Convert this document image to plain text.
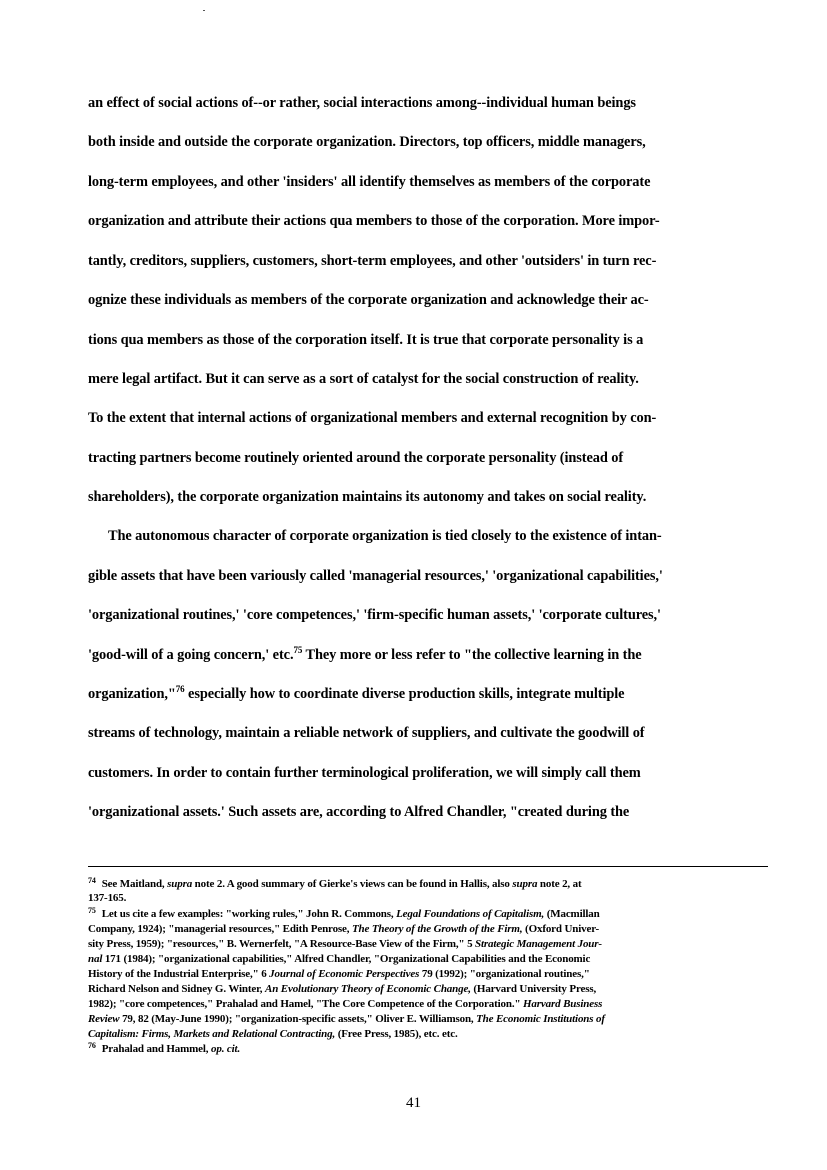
an effect of social actions of--or rather, social interactions among--individual human beings
both inside and outside the corporate organization. Directors, top officers, middle managers,
long-term employees, and other 'insiders' all identify themselves as members of the corporate
organization and attribute their actions qua members to those of the corporation. More impor-
tantly, creditors, suppliers, customers, short-term employees, and other 'outsiders' in turn rec-
ognize these individuals as members of the corporate organization and acknowledge their ac-
tions qua members as those of the corporation itself. It is true that corporate personality is a
mere legal artifact. But it can serve as a sort of catalyst for the social construction of reality.
To the extent that internal actions of organizational members and external recognition by con-
tracting partners become routinely oriented around the corporate personality (instead of
shareholders), the corporate organization maintains its autonomy and takes on social reality.
The autonomous character of corporate organization is tied closely to the existence of intan-
gible assets that have been variously called 'managerial resources,' 'organizational capabilities,'
'organizational routines,' 'core competences,' 'firm-specific human assets,' 'corporate cultures,'
'good-will of a going concern,' etc.$^{75}$ They more or less refer to "the collective learning in the
organization,"$^{76}$ especially how to coordinate diverse production skills, integrate multiple
streams of technology, maintain a reliable network of suppliers, and cultivate the goodwill of
customers. In order to contain further terminological proliferation, we will simply call them
'organizational assets.' Such assets are, according to Alfred Chandler, "created during the
$^{74}$ See Maitland, supra note 2. A good summary of Gierke's views can be found in Hallis, also supra note 2, at
137-165.
$^{75}$ Let us cite a few examples: "working rules," John R. Commons, Legal Foundations of Capitalism, (Macmillan
Company, 1924); "managerial resources," Edith Penrose, The Theory of the Growth of the Firm, (Oxford Univer-
sity Press, 1959); "resources," B. Wernerfelt, "A Resource-Base View of the Firm," 5 Strategic Management Jour-
nal 171 (1984); "organizational capabilities," Alfred Chandler, "Organizational Capabilities and the Economic
History of the Industrial Enterprise," 6 Journal of Economic Perspectives 79 (1992); "organizational routines,"
Richard Nelson and Sidney G. Winter, An Evolutionary Theory of Economic Change, (Harvard University Press,
1982); "core competences," Prahalad and Hamel, "The Core Competence of the Corporation." Harvard Business
Review 79, 82 (May-June 1990); "organization-specific assets," Oliver E. Williamson, The Economic Institutions of
Capitalism: Firms, Markets and Relational Contracting, (Free Press, 1985), etc. etc.
$^{76}$ Prahalad and Hammel, op. cit.
41
